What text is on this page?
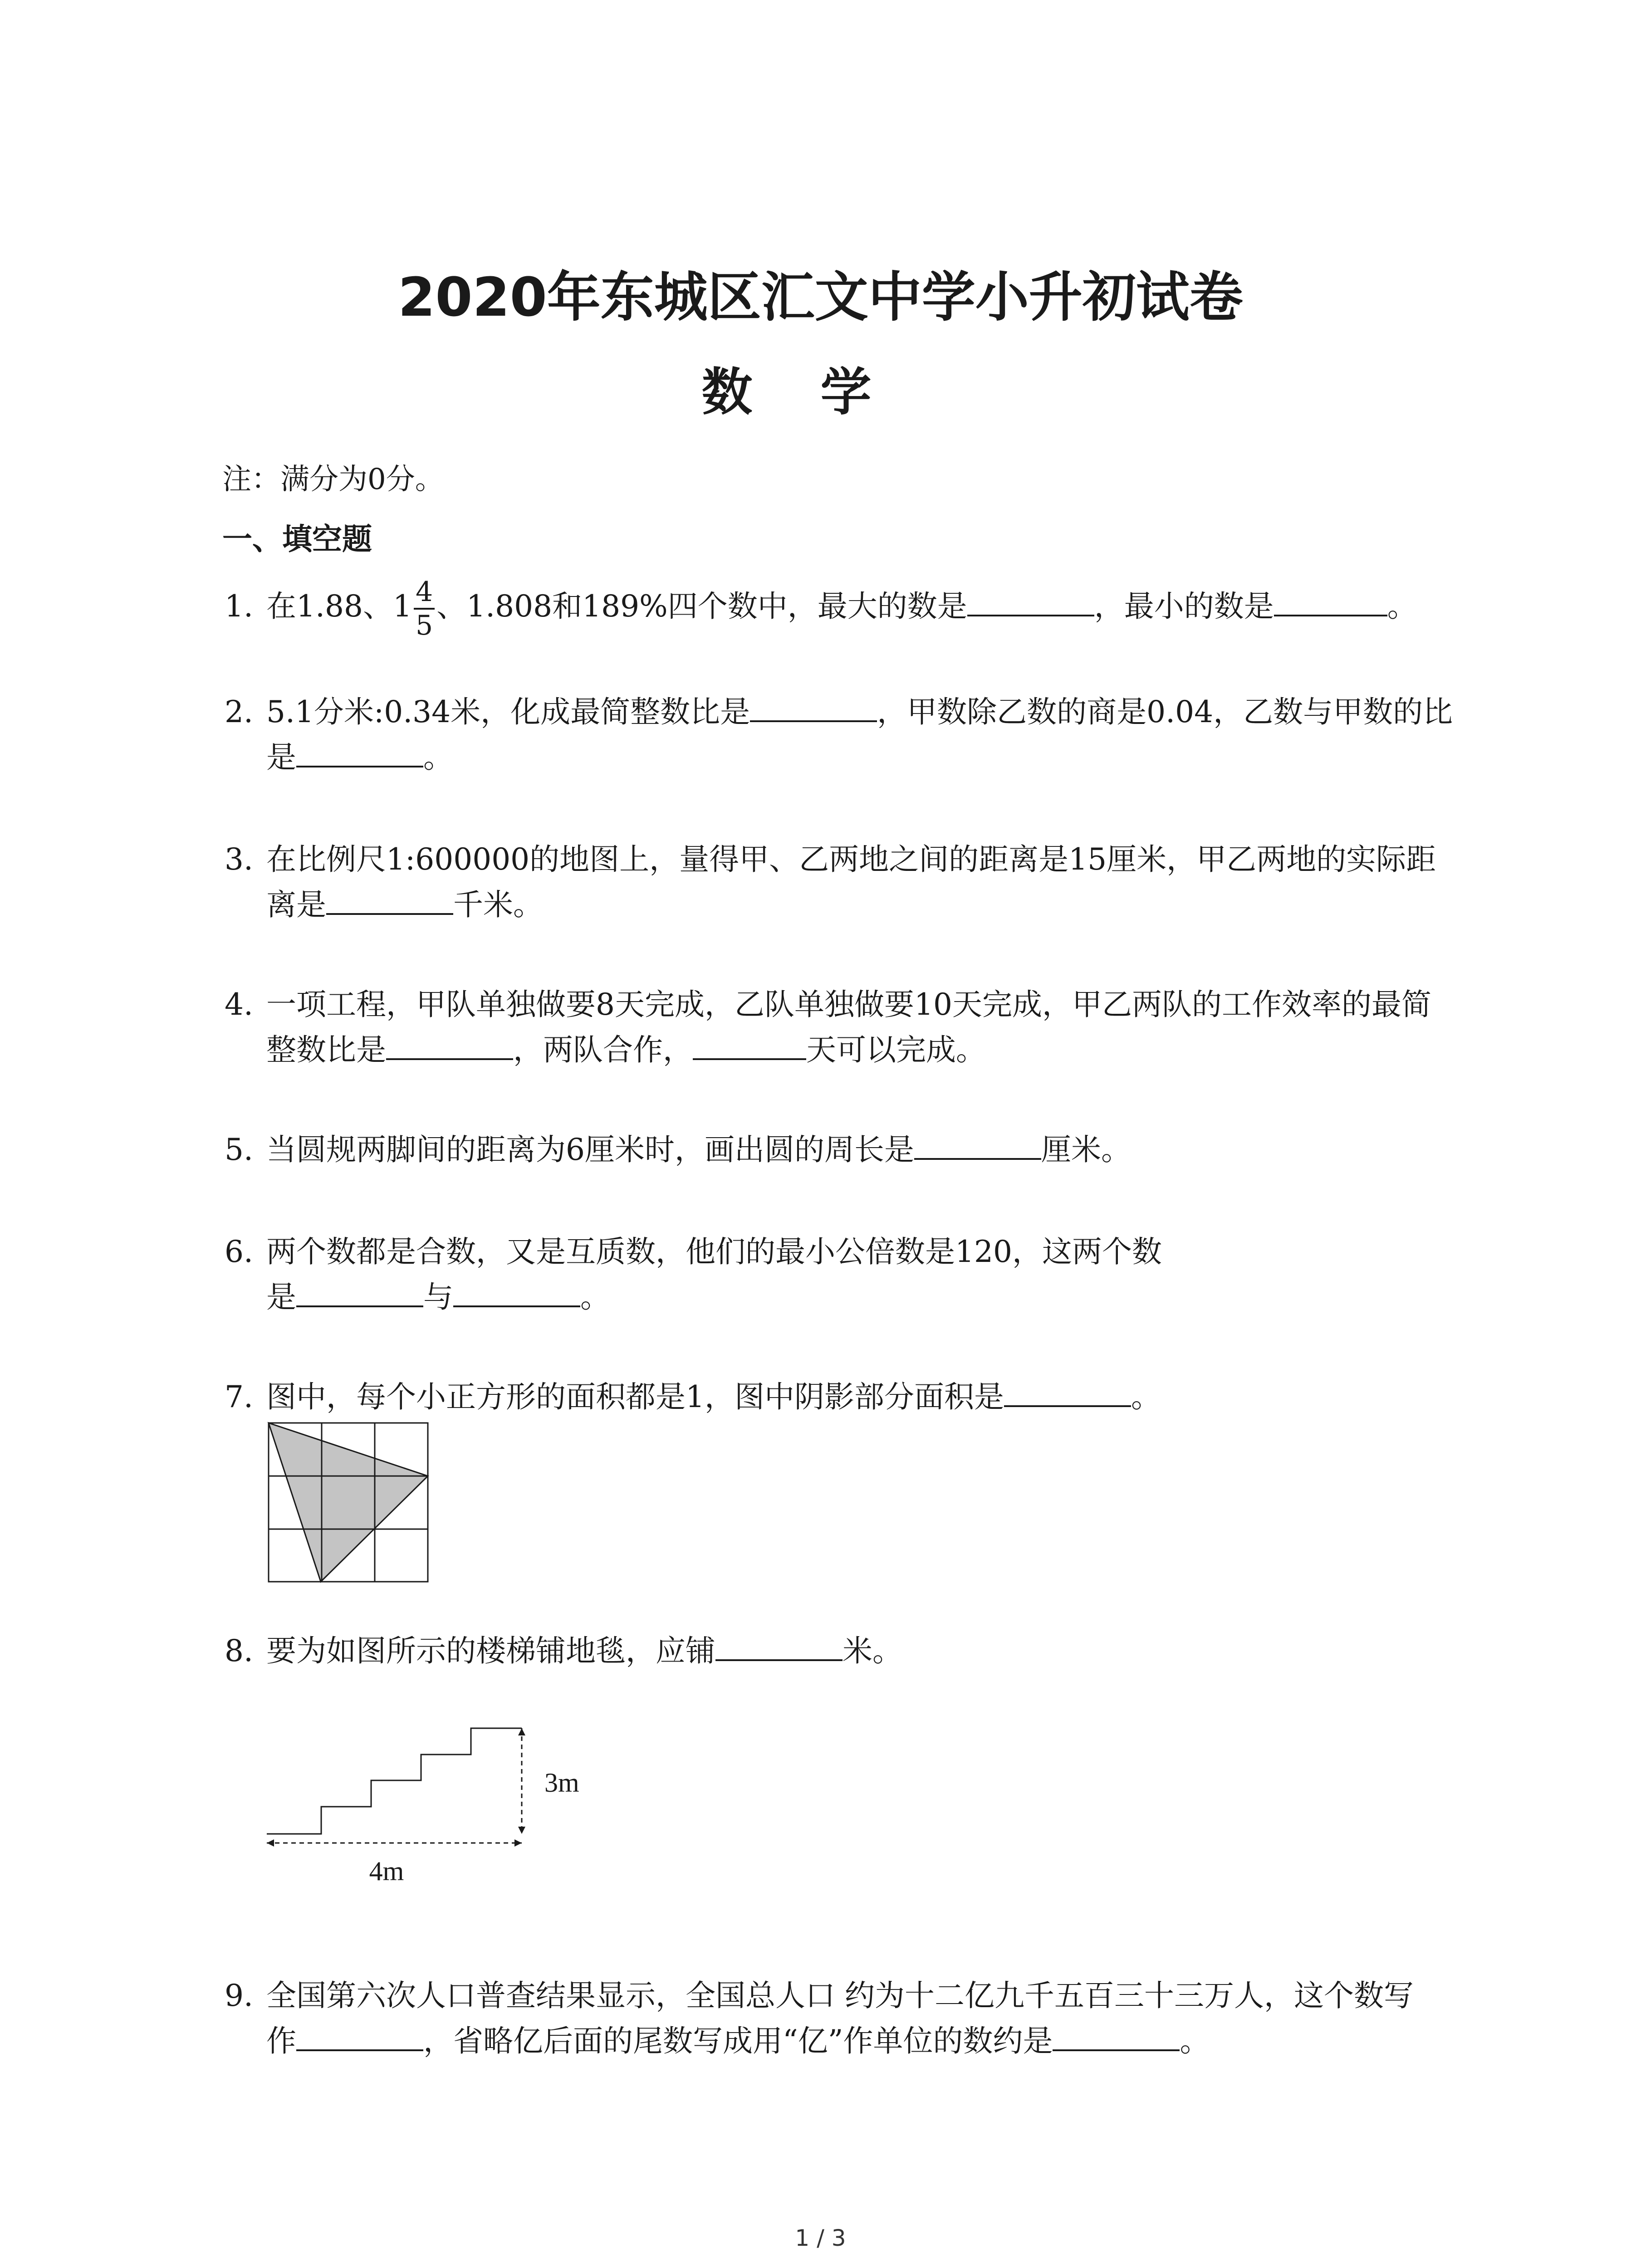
2020年东城区汇文中学小升初试卷
数学
注：满分为0分。
一、填空题
1. 在1.88、$1 \frac{4}{5}$ 、1.808和189%四个数中，最大的数是	，最小的数是	。
2. 5.1分米:0.34米，化成最简整数比是	，甲数除乙数的商是0.04，乙数与甲数的比
是	。
3. 在比例尺1:600000的地图上，量得甲、乙两地之间的距离是15厘米，甲乙两地的实际距
离是	千米。
4. 一项工程，甲队单独做要8天完成，乙队单独做要10天完成，甲乙两队的工作效率的最简
整数比是	，两队合作，	天可以完成。
5. 当圆规两脚间的距离为6厘米时，画出圆的周长是	厘米。
6. 两个数都是合数，又是互质数，他们的最小公倍数是120，这两个数
是	与	。
7. 图中，每个小正方形的面积都是1，图中阴影部分面积是	。
8. 要为如图所示的楼梯铺地毯，应铺	米。
3m
4m
9. 全国第六次人口普查结果显示，全国总人口 约为十二亿九千五百三十三万人，这个数写
作	，省略亿后面的尾数写成用“亿”作单位的数约是	。
1 / 3
